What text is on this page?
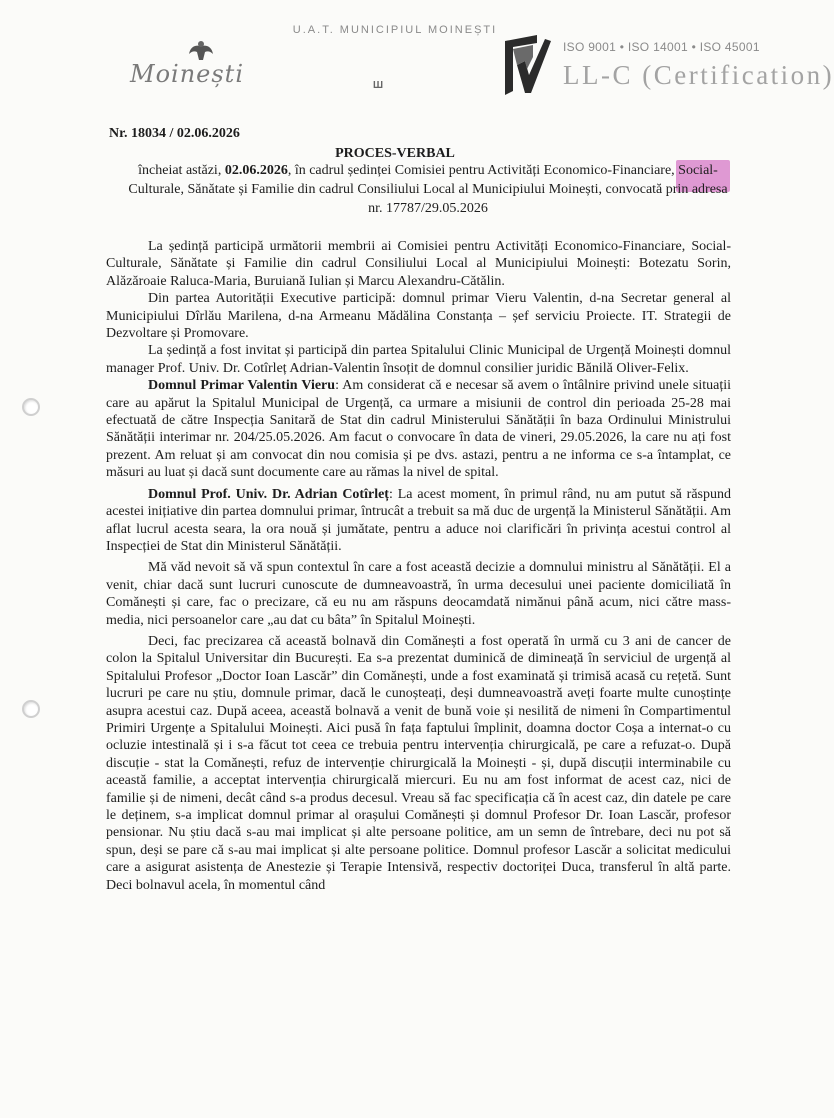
U.A.T. MUNICIPIUL MOINEȘTI
Moinești	Ш
ISO 9001 • ISO 14001 • ISO 45001
LL-C (Certification)
Nr. 18034 / 02.06.2026
PROCES-VERBAL
încheiat astăzi, 02.06.2026, în cadrul ședinței Comisiei pentru Activități Economico-Financiare, Social-Culturale, Sănătate și Familie din cadrul Consiliului Local al Municipiului Moinești, convocată prin adresa nr. 17787/29.05.2026

La ședință participă următorii membrii ai Comisiei pentru Activități Economico-Financiare, Social-Culturale, Sănătate și Familie din cadrul Consiliului Local al Municipiului Moinești: Botezatu Sorin, Alăzăroaie Raluca-Maria, Buruiană Iulian și Marcu Alexandru-Cătălin.

Din partea Autorității Executive participă: domnul primar Vieru Valentin, d-na Secretar general al Municipiului Dîrlău Marilena, d-na Armeanu Mădălina Constanța – șef serviciu Proiecte. IT. Strategii de Dezvoltare și Promovare.

La ședință a fost invitat și participă din partea Spitalului Clinic Municipal de Urgență Moinești domnul manager Prof. Univ. Dr. Cotîrleț Adrian-Valentin însoțit de domnul consilier juridic Bănilă Oliver-Felix.

Domnul Primar Valentin Vieru: Am considerat că e necesar să avem o întâlnire privind unele situații care au apărut la Spitalul Municipal de Urgență, ca urmare a misiunii de control din perioada 25-28 mai efectuată de către Inspecția Sanitară de Stat din cadrul Ministerului Sănătății în baza Ordinului Ministrului Sănătății interimar nr. 204/25.05.2026. Am facut o convocare în data de vineri, 29.05.2026, la care nu ați fost prezent. Am reluat și am convocat din nou comisia și pe dvs. astazi, pentru a ne informa ce s-a întamplat, ce măsuri au luat și dacă sunt documente care au rămas la nivel de spital.

Domnul Prof. Univ. Dr. Adrian Cotîrleț: La acest moment, în primul rând, nu am putut să răspund acestei inițiative din partea domnului primar, întrucât a trebuit sa mă duc de urgență la Ministerul Sănătății. Am aflat lucrul acesta seara, la ora nouă și jumătate, pentru a aduce noi clarificări în privința acestui control al Inspecției de Stat din Ministerul Sănătății.

Mă văd nevoit să vă spun contextul în care a fost această decizie a domnului ministru al Sănătății. El a venit, chiar dacă sunt lucruri cunoscute de dumneavoastră, în urma decesului unei paciente domiciliată în Comănești și care, fac o precizare, că eu nu am răspuns deocamdată nimănui până acum, nici către mass-media, nici persoanelor care „au dat cu bâta” în Spitalul Moinești.

Deci, fac precizarea că această bolnavă din Comănești a fost operată în urmă cu 3 ani de cancer de colon la Spitalul Universitar din București. Ea s-a prezentat duminică de dimineață în serviciul de urgență al Spitalului Profesor „Doctor Ioan Lascăr” din Comănești, unde a fost examinată și trimisă acasă cu rețetă. Sunt lucruri pe care nu știu, domnule primar, dacă le cunoșteați, deși dumneavoastră aveți foarte multe cunoștințe asupra acestui caz. După aceea, această bolnavă a venit de bună voie și nesilită de nimeni în Compartimentul Primiri Urgențe a Spitalului Moinești. Aici pusă în fața faptului împlinit, doamna doctor Coșa a internat-o cu ocluzie intestinală și i s-a făcut tot ceea ce trebuia pentru intervenția chirurgicală, pe care a refuzat-o. După discuție - stat la Comănești, refuz de intervenție chirurgicală la Moinești - și, după discuții interminabile cu această familie, a acceptat intervenția chirurgicală miercuri. Eu nu am fost informat de acest caz, nici de familie și de nimeni, decât când s-a produs decesul. Vreau să fac specificația că în acest caz, din datele pe care le deținem, s-a implicat domnul primar al orașului Comănești și domnul Profesor Dr. Ioan Lascăr, profesor pensionar. Nu știu dacă s-au mai implicat și alte persoane politice, am un semn de întrebare, deci nu pot să spun, deși se pare că s-au mai implicat și alte persoane politice. Domnul profesor Lascăr a solicitat medicului care a asigurat asistența de Anestezie și Terapie Intensivă, respectiv doctoriței Duca, transferul în altă parte. Deci bolnavul acela, în momentul când
